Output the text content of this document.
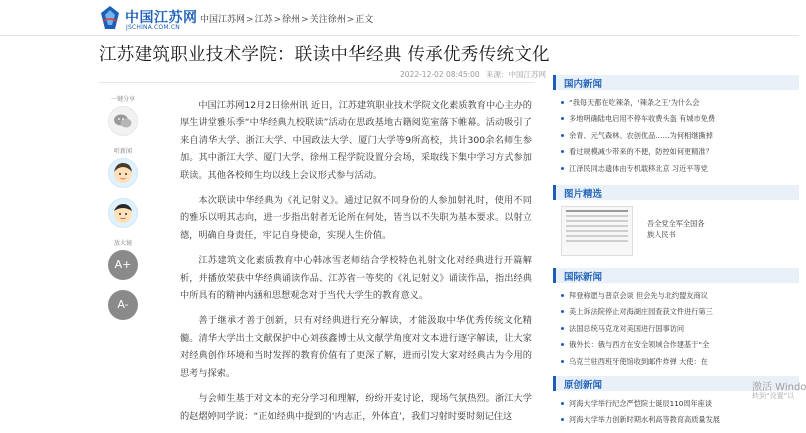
中国江苏网
JSCHINA.COM.CN
中国江苏网>江苏>徐州>关注徐州>正文
江苏建筑职业技术学院：联读中华经典 传承优秀传统文化
2022-12-02 08:45:00 来源：中国江苏网
一键分享
听新闻
放大镜
A+
A-

中国江苏网12月2日徐州讯 近日，江苏建筑职业技术学院文化素质教育中心主办的厚生讲堂雅乐季“中华经典九校联读”活动在思政基地古籍阅览室落下帷幕。活动吸引了来自清华大学、浙江大学、中国政法大学、厦门大学等9所高校，共计300余名师生参加。其中浙江大学、厦门大学、徐州工程学院设置分会场，采取线下集中学习方式参加联读。其他各校师生均以线上会议形式参与活动。

本次联读中华经典为《礼记射义》。通过记叙不同身份的人参加射礼时，使用不同的雅乐以明其志向，进一步指出射者无论所在何处，皆当以不失职为基本要求。以射立德，明确自身责任，牢记自身使命，实现人生价值。

江苏建筑文化素质教育中心韩冰雪老师结合学校特色礼射文化对经典进行开篇解析，并播放荣获中华经典诵读作品、江苏省一等奖的《礼记射义》诵读作品，指出经典中所具有的精神内涵和思想观念对于当代大学生的教育意义。

善于继承才善于创新，只有对经典进行充分解读，才能汲取中华优秀传统文化精髓。清华大学出土文献保护中心刘孩鑫博士从文献学角度对文本进行逐字解读，让大家对经典创作环境和当时发挥的教育价值有了更深了解，进而引发大家对经典古为今用的思考与探索。

与会师生基于对文本的充分学习和理解，纷纷开麦讨论，现场气氛热烈。浙江大学的赵熠婷同学说：“正如经典中提到的‘内志正，外体直’，我们习射时要时刻记住这

国内新闻
“我每天都在吃辣条，‘辣条之王’为什么会
多地明确陆电启用不停车收费头盔 有城市免费
余青、元气森林、农创优品……为何相继撕掉
看过规模减少带来的不便，防控如何更精准？
江泽民同志遗体由专机载移北京 习近平等党
图片精选
吾全党全军全国各族人民书
国际新闻
拜登称愿与普京会谈 但会先与北约盟友商议
美上诉法院停止对海湖庄园查获文件进行第三
法国总统马克龙对美国进行国事访问
俄外长：俄与西方在安全领域合作建基于“全
乌克兰驻西班牙使馆收到邮件炸弹 大使：在
原创新闻
河海大学举行纪念严恺院士诞辰110周年座谈
河海大学举力创新时期水利高等教育高质量发展
激活 Windo
转到“设置”以
